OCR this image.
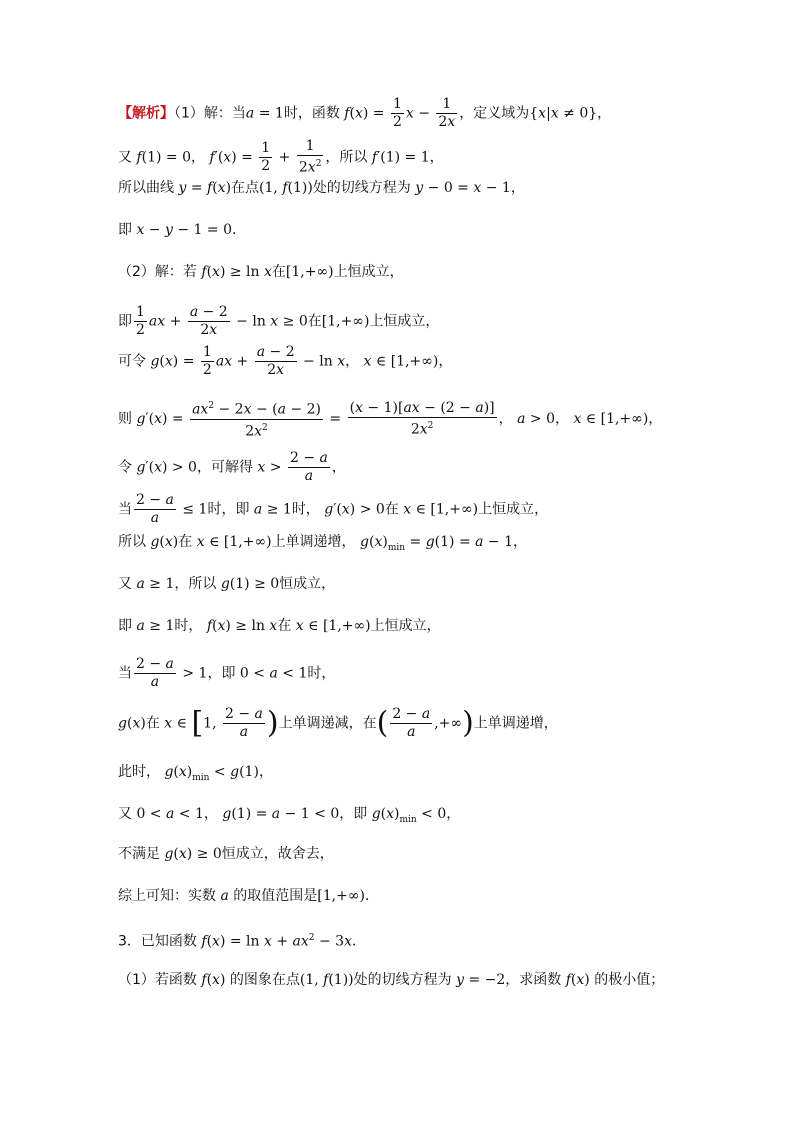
【解析】（1）解：当a = 1时，函数 $f(x) = \frac{1}{2}$ $x - \frac{1}{2x}$ ，定义域为{x|x ≠ 0}，
又 f(1) = 0， $f'(x) = \frac{1}{2} + \frac{1}{2x^2}$ ，所以 f′(1) = 1，
所以曲线 y = f(x)在点(1, f(1))处的切线方程为 y − 0 = x − 1，
即 x − y − 1 = 0．
（2）解：若 f(x) ≥ ln x在[1,+∞)上恒成立，
即 $\frac{1}{2}$ ax + $\frac{a - 2}{2x} - \ln x \ge 0$在[1,+∞)上恒成立，
可令 $g(x) = \frac{1}{2}$ ax + $\frac{a - 2}{2x} - \ln x$， x ∈ [1,+∞)，
则 $g'(x) = \frac{ax^2 - 2x - (a - 2)}{2x^2} = \frac{(x - 1)[ax - (2 - a)]}{2x^2}$ ， a > 0， x ∈ [1,+∞)，
令 g′(x) > 0，可解得 $x > \frac{2 - a}{a}$ ，
当 $\frac{2 - a}{a} \le 1$时，即 a ≥ 1时， g′(x) > 0在 x ∈ [1,+∞)上恒成立，
所以 g(x)在 x ∈ [1,+∞)上单调递增， $g(x)_{min} = g(1) = a - 1$，
又 a ≥ 1，所以 g(1) ≥ 0恒成立，
即 a ≥ 1时， f(x) ≥ ln x在 x ∈ [1,+∞)上恒成立，
当 $\frac{2 - a}{a} > 1$，即 0 < a < 1时，
g(x)在 x ∈ [1, $\frac{2 - a}{a}$ )上单调递减，在( $\frac{2 - a}{a}$ ,+∞)上单调递增，
此时， $g(x)_{min} < g(1)$，
又 0 < a < 1， g(1) = a − 1 < 0，即 $g(x)_{min} < 0$，
不满足 g(x) ≥ 0恒成立，故舍去，
综上可知：实数 a 的取值范围是[1,+∞)．
3．已知函数 $f(x) = \ln x + ax^2 - 3x$．
（1）若函数 f(x) 的图象在点(1, f(1))处的切线方程为 y = −2，求函数 f(x) 的极小值；
